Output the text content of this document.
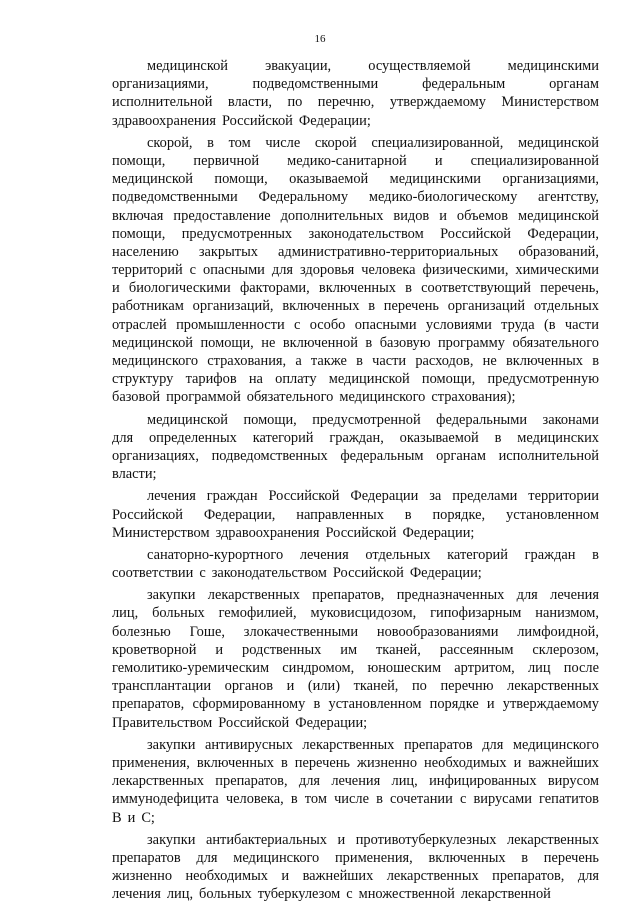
16
медицинской	эвакуации,	осуществляемой	медицинскими
организациями,	подведомственными	федеральным	органам
исполнительной власти, по перечню, утверждаемому Министерством
здравоохранения Российской Федерации;
скорой, в том числе скорой специализированной, медицинской
помощи, первичной медико-санитарной и специализированной
медицинской помощи, оказываемой медицинскими организациями,
подведомственными Федеральному медико-биологическому агентству,
включая предоставление дополнительных видов и объемов медицинской
помощи, предусмотренных законодательством Российской Федерации,
населению закрытых административно-территориальных образований,
территорий с опасными для здоровья человека физическими, химическими
и биологическими факторами, включенных в соответствующий перечень,
работникам организаций, включенных в перечень организаций отдельных
отраслей промышленности с особо опасными условиями труда (в части
медицинской помощи, не включенной в базовую программу обязательного
медицинского страхования, а также в части расходов, не включенных в
структуру тарифов на оплату медицинской помощи, предусмотренную
базовой программой обязательного медицинского страхования);
медицинской помощи, предусмотренной федеральными законами
для определенных категорий граждан, оказываемой в медицинских
организациях, подведомственных федеральным органам исполнительной
власти;
лечения граждан Российской Федерации за пределами территории
Российской Федерации, направленных в порядке, установленном
Министерством здравоохранения Российской Федерации;
санаторно-курортного лечения отдельных категорий граждан в
соответствии с законодательством Российской Федерации;
закупки лекарственных препаратов, предназначенных для лечения
лиц, больных гемофилией, муковисцидозом, гипофизарным нанизмом,
болезнью Гоше, злокачественными новообразованиями лимфоидной,
кроветворной и родственных им тканей, рассеянным склерозом,
гемолитико-уремическим синдромом, юношеским артритом, лиц после
трансплантации органов и (или) тканей, по перечню лекарственных
препаратов, сформированному в установленном порядке и утверждаемому
Правительством Российской Федерации;
закупки антивирусных лекарственных препаратов для медицинского
применения, включенных в перечень жизненно необходимых и важнейших
лекарственных препаратов, для лечения лиц, инфицированных вирусом
иммунодефицита человека, в том числе в сочетании с вирусами гепатитов
B и C;
закупки антибактериальных и противотуберкулезных лекарственных
препаратов для медицинского применения, включенных в перечень
жизненно необходимых и важнейших лекарственных препаратов, для
лечения лиц, больных туберкулезом с множественной лекарственной
